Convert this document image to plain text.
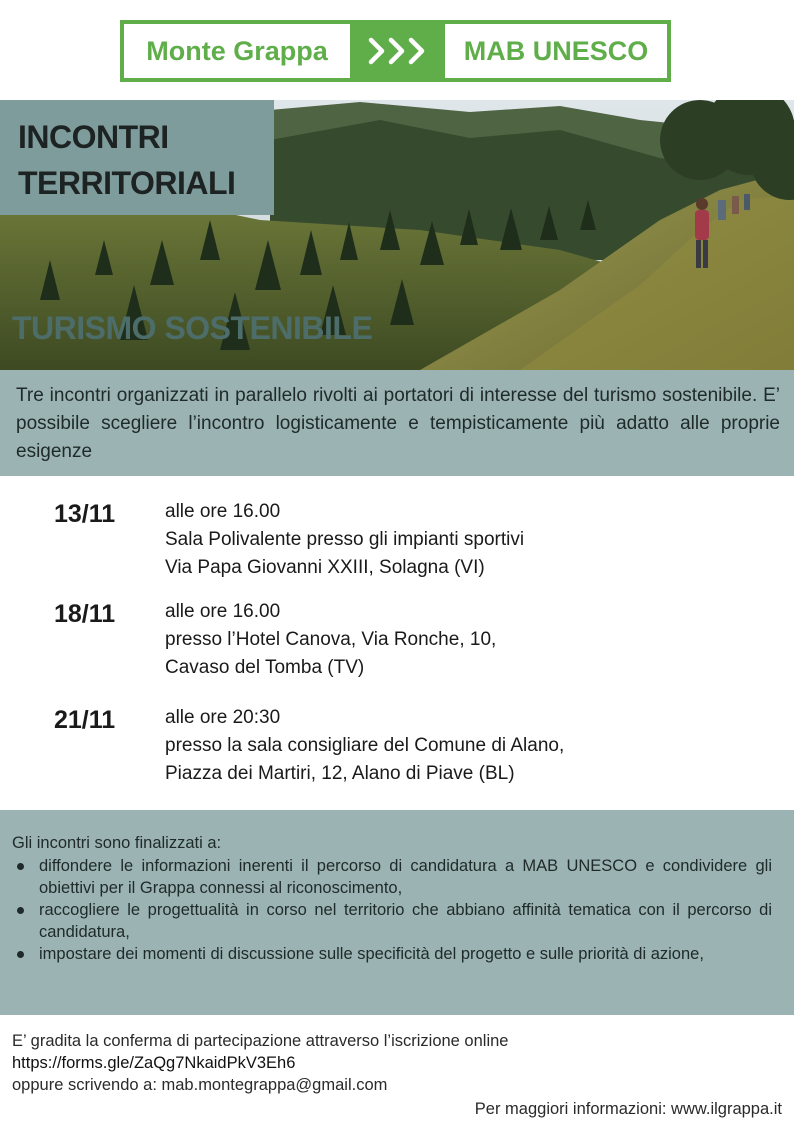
Monte Grappa	MAB UNESCO
INCONTRI
TERRITORIALI
TURISMO SOSTENIBILE

Tre incontri organizzati in parallelo rivolti ai portatori di interesse del turismo sostenibile. E’ possibile scegliere l’incontro logisticamente e tempisticamente più adatto alle proprie esigenze

13/11	alle ore 16.00
Sala Polivalente presso gli impianti sportivi
Via Papa Giovanni XXIII, Solagna (VI)
18/11	alle ore 16.00
presso l’Hotel Canova, Via Ronche, 10,
Cavaso del Tomba (TV)
21/11	alle ore 20:30
presso la sala consigliare del Comune di Alano,
Piazza dei Martiri, 12, Alano di Piave (BL)
Gli incontri sono finalizzati a:
diffondere le informazioni inerenti il percorso di candidatura a MAB UNESCO e condividere gli obiettivi per il Grappa connessi al riconoscimento,
raccogliere le progettualità in corso nel territorio che abbiano affinità tematica con il percorso di candidatura,
impostare dei momenti di discussione sulle specificità del progetto e sulle priorità di azione,
E’ gradita la conferma di partecipazione attraverso l’iscrizione online
https://forms.gle/ZaQg7NkaidPkV3Eh6
oppure scrivendo a: mab.montegrappa@gmail.com
Per maggiori informazioni: www.ilgrappa.it
